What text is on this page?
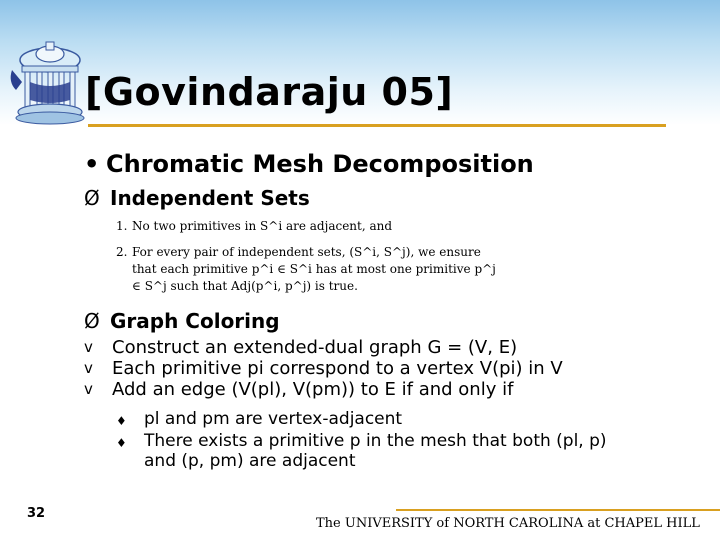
[Govindaraju 05]
• Chromatic Mesh Decomposition
Ø Independent Sets
1. No two primitives in S^i are adjacent, and
2. For every pair of independent sets, (S^i, S^j), we ensure that each primitive p^i ∈ S^i has at most one primitive p^j ∈ S^j such that Adj(p^i, p^j) is true.
Ø Graph Coloring
v	Construct an extended-dual graph G = (V, E)
v	Each primitive pi correspond to a vertex V(pi) in V
v	Add an edge (V(pl), V(pm)) to E if and only if
♦	pl and pm are vertex-adjacent
♦	There exists a primitive p in the mesh that both (pl, p) and (p, pm) are adjacent
32
The UNIVERSITY of NORTH CAROLINA at CHAPEL HILL
